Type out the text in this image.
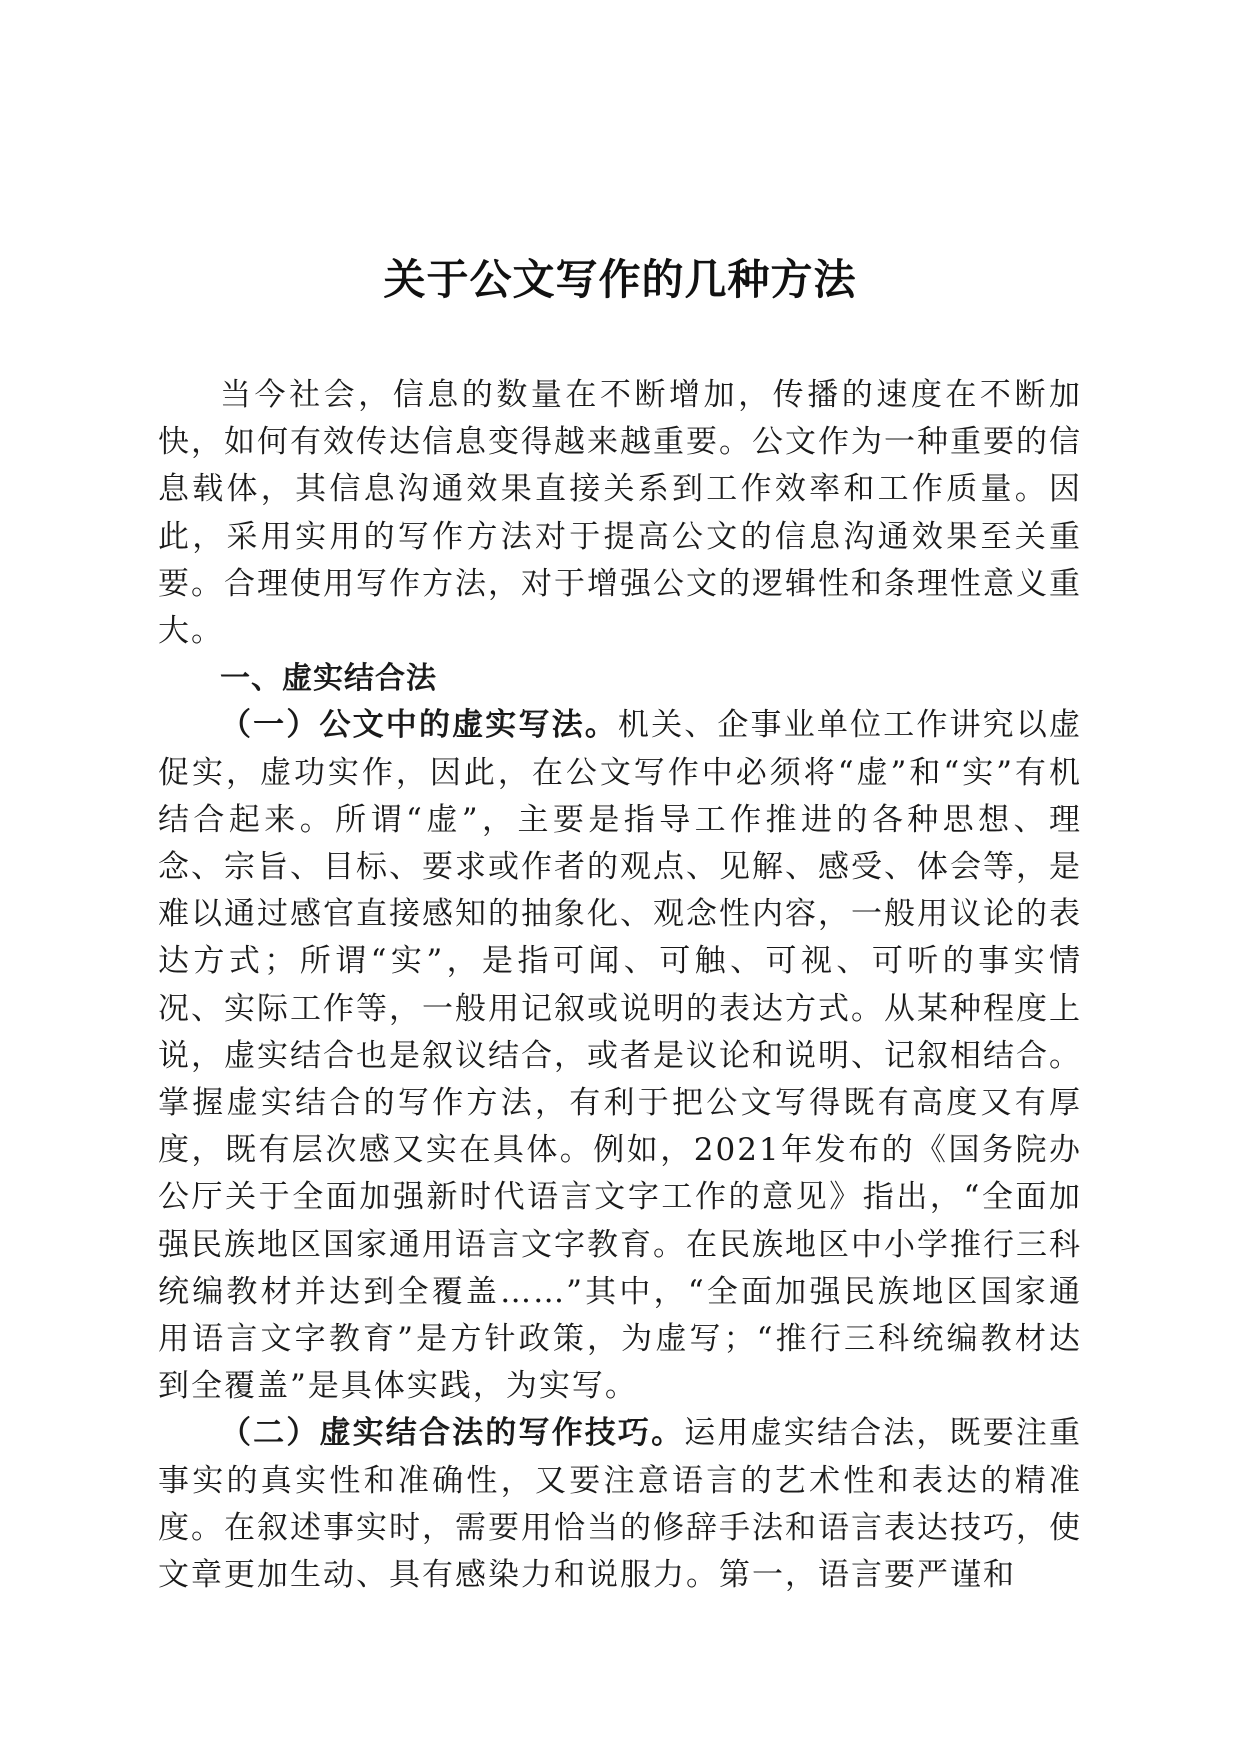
关于公文写作的几种方法

当今社会，信息的数量在不断增加，传播的速度在不断加快，如何有效传达信息变得越来越重要。公文作为一种重要的信息载体，其信息沟通效果直接关系到工作效率和工作质量。因此，采用实用的写作方法对于提高公文的信息沟通效果至关重要。合理使用写作方法，对于增强公文的逻辑性和条理性意义重大。

一、虚实结合法

（一）公文中的虚实写法。机关、企事业单位工作讲究以虚促实，虚功实作，因此，在公文写作中必须将“虚”和“实”有机结合起来。所谓“虚”，主要是指导工作推进的各种思想、理念、宗旨、目标、要求或作者的观点、见解、感受、体会等，是难以通过感官直接感知的抽象化、观念性内容，一般用议论的表达方式；所谓“实”，是指可闻、可触、可视、可听的事实情况、实际工作等，一般用记叙或说明的表达方式。从某种程度上说，虚实结合也是叙议结合，或者是议论和说明、记叙相结合。掌握虚实结合的写作方法，有利于把公文写得既有高度又有厚度，既有层次感又实在具体。例如，2021年发布的《国务院办公厅关于全面加强新时代语言文字工作的意见》指出，“全面加强民族地区国家通用语言文字教育。在民族地区中小学推行三科统编教材并达到全覆盖……”其中，“全面加强民族地区国家通用语言文字教育”是方针政策，为虚写；“推行三科统编教材达到全覆盖”是具体实践，为实写。

（二）虚实结合法的写作技巧。运用虚实结合法，既要注重事实的真实性和准确性，又要注意语言的艺术性和表达的精准度。在叙述事实时，需要用恰当的修辞手法和语言表达技巧，使文章更加生动、具有感染力和说服力。第一，语言要严谨和
